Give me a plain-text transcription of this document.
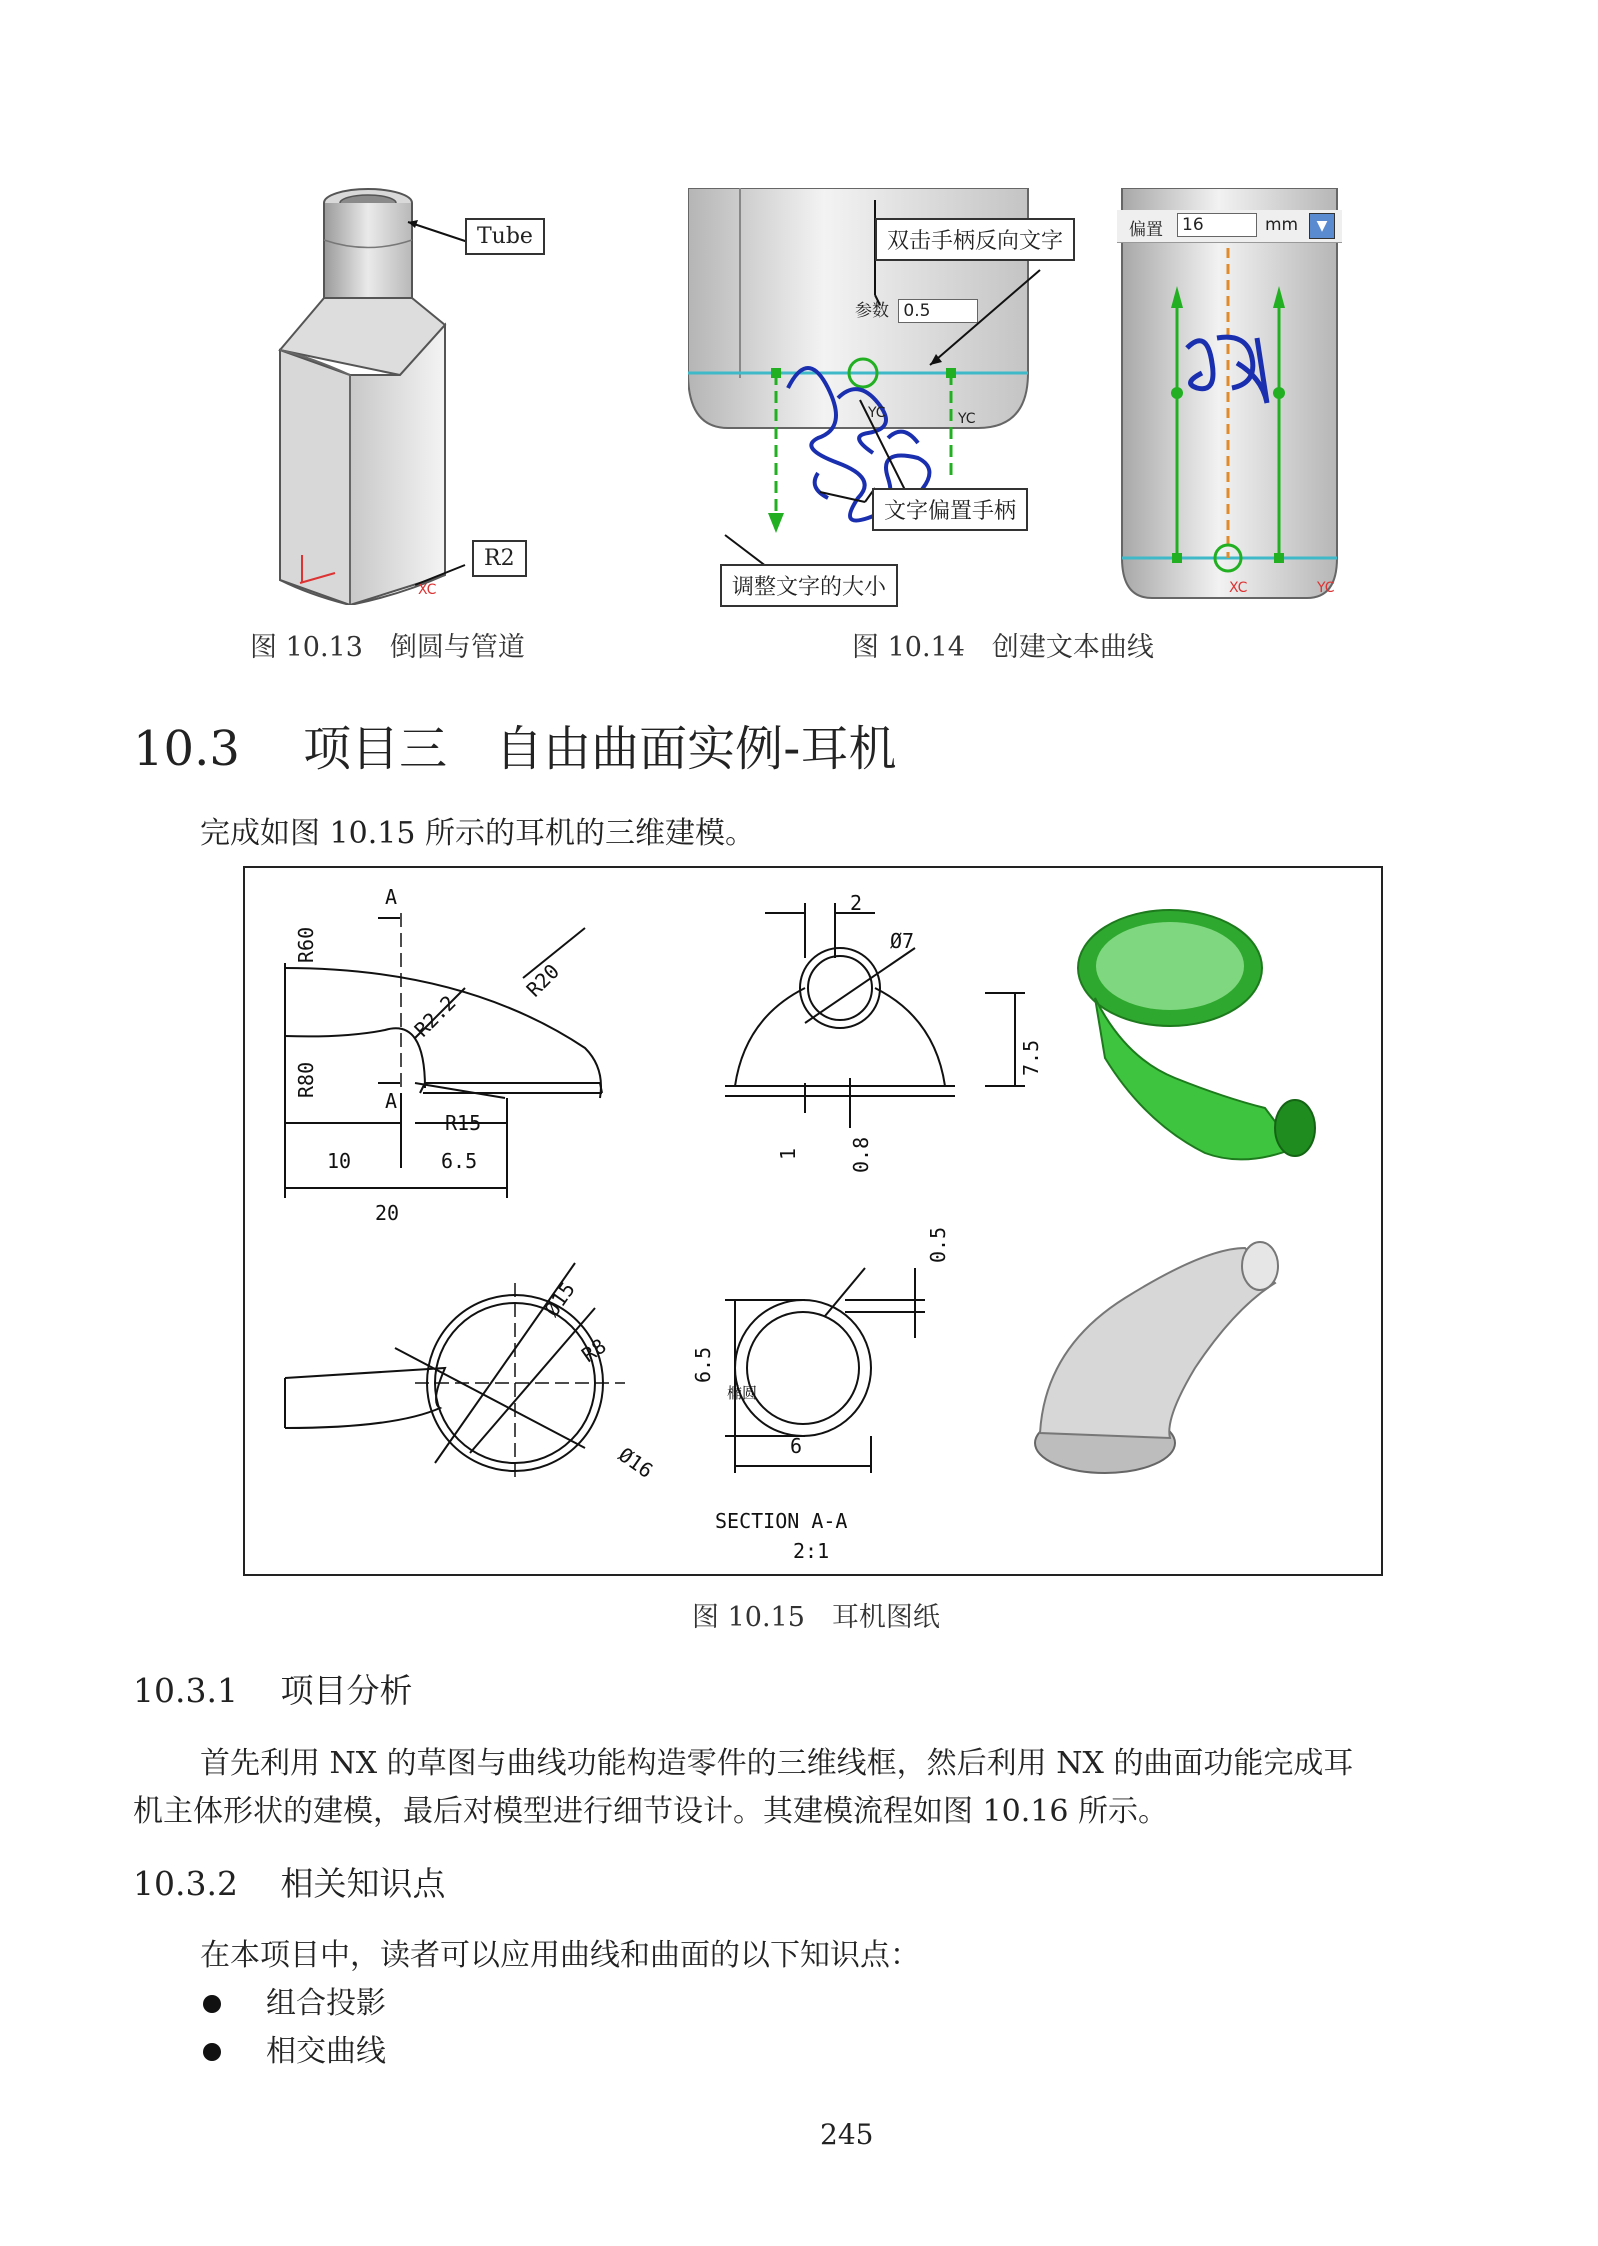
XC
Tube
R2
图 10.13　倒圆与管道
YC	YC
参数 0.5
双击手柄反向文字
文字偏置手柄
调整文字的大小
偏置 16	mm	▼
XC	YC
图 10.14　创建文本曲线
10.3 项目三　自由曲面实例-耳机
完成如图 10.15 所示的耳机的三维建模。
A
A
10	6.5
20
R15
2
Ø7
椭圆
6
SECTION A-A
2:1
R60
R80
R2.2
R20
7.5
1 0.8
Ø15
R8
Ø16
6.5
0.5
图 10.15　耳机图纸
10.3.1 项目分析
首先利用 NX 的草图与曲线功能构造零件的三维线框，然后利用 NX 的曲面功能完成耳
机主体形状的建模，最后对模型进行细节设计。其建模流程如图 10.16 所示。
10.3.2 相关知识点
在本项目中，读者可以应用曲线和曲面的以下知识点：
组合投影
相交曲线
245
